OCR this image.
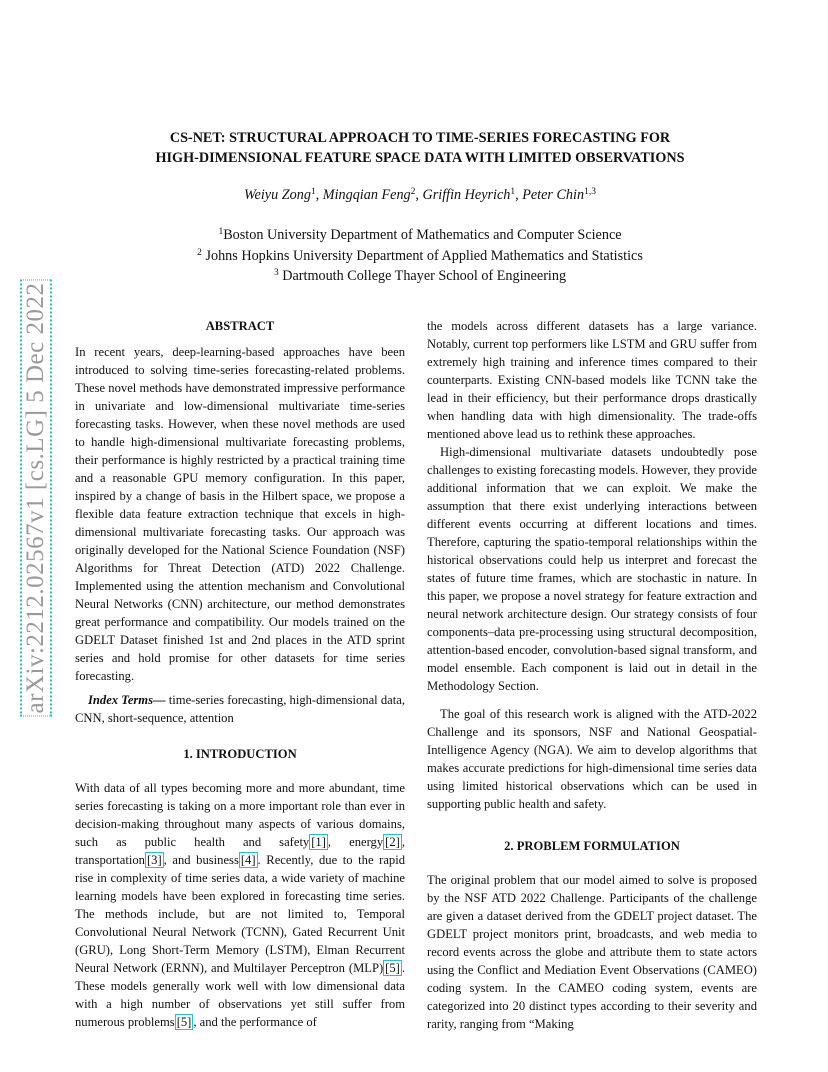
arXiv:2212.02567v1 [cs.LG] 5 Dec 2022
CS-NET: STRUCTURAL APPROACH TO TIME-SERIES FORECASTING FOR
HIGH-DIMENSIONAL FEATURE SPACE DATA WITH LIMITED OBSERVATIONS
Weiyu Zong$^1$, Mingqian Feng$^2$, Griffin Heyrich$^1$, Peter Chin$^{1,3}$
$^1$Boston University Department of Mathematics and Computer Science
$^2$ Johns Hopkins University Department of Applied Mathematics and Statistics
$^3$ Dartmouth College Thayer School of Engineering
ABSTRACT

In recent years, deep-learning-based approaches have been introduced to solving time-series forecasting-related problems. These novel methods have demonstrated impressive performance in univariate and low-dimensional multivariate time-series forecasting tasks. However, when these novel methods are used to handle high-dimensional multivariate forecasting problems, their performance is highly restricted by a practical training time and a reasonable GPU memory configuration. In this paper, inspired by a change of basis in the Hilbert space, we propose a flexible data feature extraction technique that excels in high-dimensional multivariate forecasting tasks. Our approach was originally developed for the National Science Foundation (NSF) Algorithms for Threat Detection (ATD) 2022 Challenge. Implemented using the attention mechanism and Convolutional Neural Networks (CNN) architecture, our method demonstrates great performance and compatibility. Our models trained on the GDELT Dataset finished 1st and 2nd places in the ATD sprint series and hold promise for other datasets for time series forecasting.

Index Terms— time-series forecasting, high-dimensional data, CNN, short-sequence, attention

1. INTRODUCTION

With data of all types becoming more and more abundant, time series forecasting is taking on a more important role than ever in decision-making throughout many aspects of various domains, such as public health and safety [1] , energy [2] , transportation [3] , and business [4] . Recently, due to the rapid rise in complexity of time series data, a wide variety of machine learning models have been explored in forecasting time series. The methods include, but are not limited to, Temporal Convolutional Neural Network (TCNN), Gated Recurrent Unit (GRU), Long Short-Term Memory (LSTM), Elman Recurrent Neural Network (ERNN), and Multilayer Perceptron (MLP) [5] . These models generally work well with low dimensional data with a high number of observations yet still suffer from numerous problems [5] , and the performance of

the models across different datasets has a large variance. Notably, current top performers like LSTM and GRU suffer from extremely high training and inference times compared to their counterparts. Existing CNN-based models like TCNN take the lead in their efficiency, but their performance drops drastically when handling data with high dimensionality. The trade-offs mentioned above lead us to rethink these approaches.

High-dimensional multivariate datasets undoubtedly pose challenges to existing forecasting models. However, they provide additional information that we can exploit. We make the assumption that there exist underlying interactions between different events occurring at different locations and times. Therefore, capturing the spatio-temporal relationships within the historical observations could help us interpret and forecast the states of future time frames, which are stochastic in nature. In this paper, we propose a novel strategy for feature extraction and neural network architecture design. Our strategy consists of four components–data pre-processing using structural decomposition, attention-based encoder, convolution-based signal transform, and model ensemble. Each component is laid out in detail in the Methodology Section.

The goal of this research work is aligned with the ATD-2022 Challenge and its sponsors, NSF and National Geospatial-Intelligence Agency (NGA). We aim to develop algorithms that makes accurate predictions for high-dimensional time series data using limited historical observations which can be used in supporting public health and safety.

2. PROBLEM FORMULATION

The original problem that our model aimed to solve is proposed by the NSF ATD 2022 Challenge. Participants of the challenge are given a dataset derived from the GDELT project dataset. The GDELT project monitors print, broadcasts, and web media to record events across the globe and attribute them to state actors using the Conflict and Mediation Event Observations (CAMEO) coding system. In the CAMEO coding system, events are categorized into 20 distinct types according to their severity and rarity, ranging from “Making
